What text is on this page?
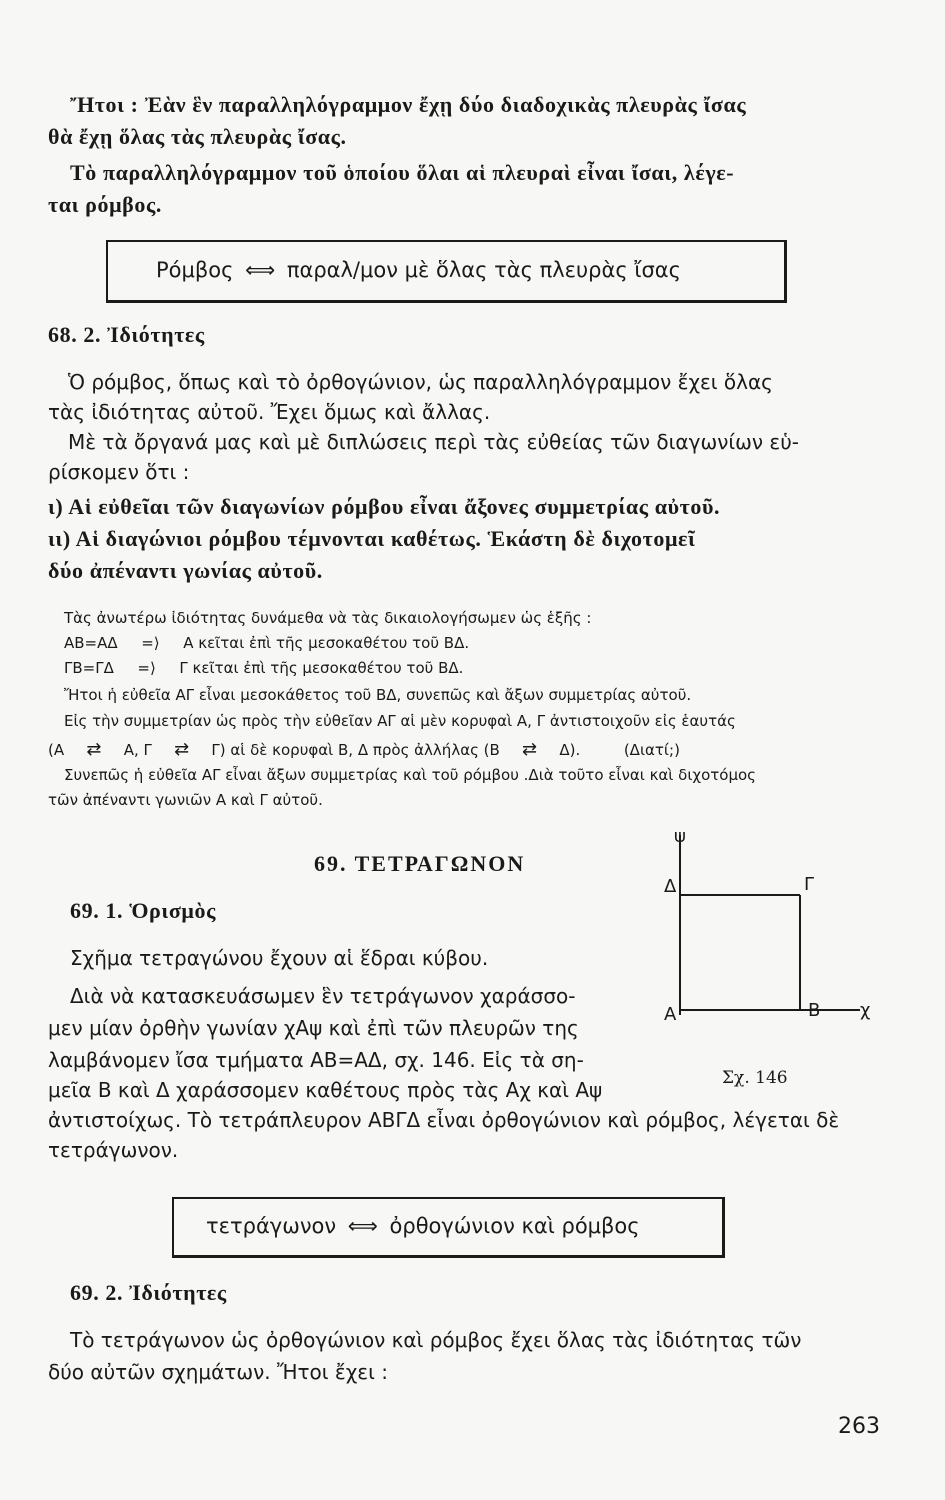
Ἤτοι : Ἐὰν ἓν παραλληλόγραμμον ἔχῃ δύο διαδοχικὰς πλευρὰς ἴσας
θὰ ἔχῃ ὅλας τὰς πλευρὰς ἴσας.
Τὸ παραλληλόγραμμον τοῦ ὁποίου ὅλαι αἱ πλευραὶ εἶναι ἴσαι, λέγε-
ται ρόμβος.
Ρόμβος ⟺ παραλ/μον μὲ ὅλας τὰς πλευρὰς ἴσας
68. 2. Ἰδιότητες
Ὁ ρόμβος, ὅπως καὶ τὸ ὀρθογώνιον, ὡς παραλληλόγραμμον ἔχει ὅλας
τὰς ἰδιότητας αὐτοῦ. Ἔχει ὅμως καὶ ἄλλας.
Μὲ τὰ ὄργανά μας καὶ μὲ διπλώσεις περὶ τὰς εὐθείας τῶν διαγωνίων εὑ-
ρίσκομεν ὅτι :
ι) Αἱ εὐθεῖαι τῶν διαγωνίων ρόμβου εἶναι ἄξονες συμμετρίας αὐτοῦ.
ιι) Αἱ διαγώνιοι ρόμβου τέμνονται καθέτως. Ἑκάστη δὲ διχοτομεῖ
δύο ἀπέναντι γωνίας αὐτοῦ.
Τὰς ἀνωτέρω ἰδιότητας δυνάμεθα νὰ τὰς δικαιολογήσωμεν ὡς ἑξῆς :
ΑΒ=ΑΔ =⟩ Α κεῖται ἐπὶ τῆς μεσοκαθέτου τοῦ ΒΔ.
ΓΒ=ΓΔ =⟩ Γ κεῖται ἐπὶ τῆς μεσοκαθέτου τοῦ ΒΔ.
Ἤτοι ἡ εὐθεῖα ΑΓ εἶναι μεσοκάθετος τοῦ ΒΔ, συνεπῶς καὶ ἄξων συμμετρίας αὐτοῦ.
Εἰς τὴν συμμετρίαν ὡς πρὸς τὴν εὐθεῖαν ΑΓ αἱ μὲν κορυφαὶ Α, Γ ἀντιστοιχοῦν εἰς ἑαυτάς
(Α ⇄ Α, Γ ⇄ Γ) αἱ δὲ κορυφαὶ Β, Δ πρὸς ἀλλήλας (Β ⇄ Δ).	(Διατί;)
Συνεπῶς ἡ εὐθεῖα ΑΓ εἶναι ἄξων συμμετρίας καὶ τοῦ ρόμβου .Διὰ τοῦτο εἶναι καὶ διχοτόμος
τῶν ἀπέναντι γωνιῶν Α καὶ Γ αὐτοῦ.
69. ΤΕΤΡΑΓΩΝΟΝ
69. 1. Ὁρισμὸς
Σχῆμα τετραγώνου ἔχουν αἱ ἕδραι κύβου.
Διὰ νὰ κατασκευάσωμεν ἓν τετράγωνον χαράσσο-
μεν μίαν ὀρθὴν γωνίαν χΑψ καὶ ἐπὶ τῶν πλευρῶν της
λαμβάνομεν ἴσα τμήματα ΑΒ=ΑΔ, σχ. 146. Εἰς τὰ ση-
μεῖα Β καὶ Δ χαράσσομεν καθέτους πρὸς τὰς Αχ καὶ Αψ
ἀντιστοίχως. Τὸ τετράπλευρον ΑΒΓΔ εἶναι ὀρθογώνιον καὶ ρόμβος, λέγεται δὲ
τετράγωνον.
ψ
Δ	Γ
Α	Β χ
Σχ. 146
τετράγωνον ⟺ ὀρθογώνιον καὶ ρόμβος
69. 2. Ἰδιότητες
Τὸ τετράγωνον ὡς ὀρθογώνιον καὶ ρόμβος ἔχει ὅλας τὰς ἰδιότητας τῶν
δύο αὐτῶν σχημάτων. Ἤτοι ἔχει :
263
